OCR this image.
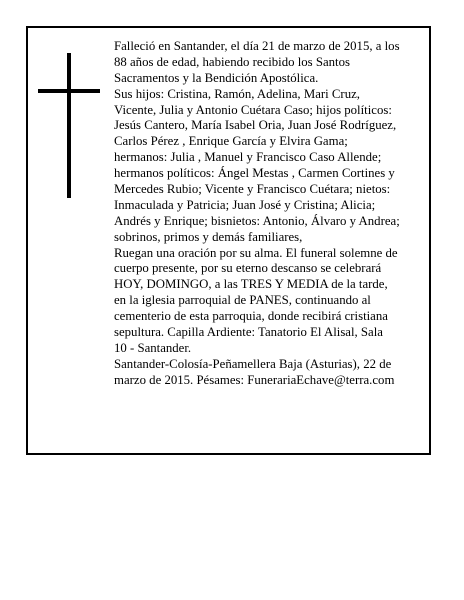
Falleció en Santander, el día 21 de marzo de 2015, a los
88 años de edad, habiendo recibido los Santos
Sacramentos y la Bendición Apostólica.
Sus hijos: Cristina, Ramón, Adelina, Mari Cruz,
Vicente, Julia y Antonio Cuétara Caso; hijos políticos:
Jesús Cantero, María Isabel Oria, Juan José Rodríguez,
Carlos Pérez , Enrique García y Elvira Gama;
hermanos: Julia , Manuel y Francisco Caso Allende;
hermanos políticos: Ángel Mestas , Carmen Cortines y
Mercedes Rubio; Vicente y Francisco Cuétara; nietos:
Inmaculada y Patricia; Juan José y Cristina; Alicia;
Andrés y Enrique; bisnietos: Antonio, Álvaro y Andrea;
sobrinos, primos y demás familiares,
Ruegan una oración por su alma. El funeral solemne de
cuerpo presente, por su eterno descanso se celebrará
HOY, DOMINGO, a las TRES Y MEDIA de la tarde,
en la iglesia parroquial de PANES, continuando al
cementerio de esta parroquia, donde recibirá cristiana
sepultura. Capilla Ardiente: Tanatorio El Alisal, Sala
10 - Santander.
Santander-Colosía-Peñamellera Baja (Asturias), 22 de
marzo de 2015. Pésames: FunerariaEchave@terra.com
